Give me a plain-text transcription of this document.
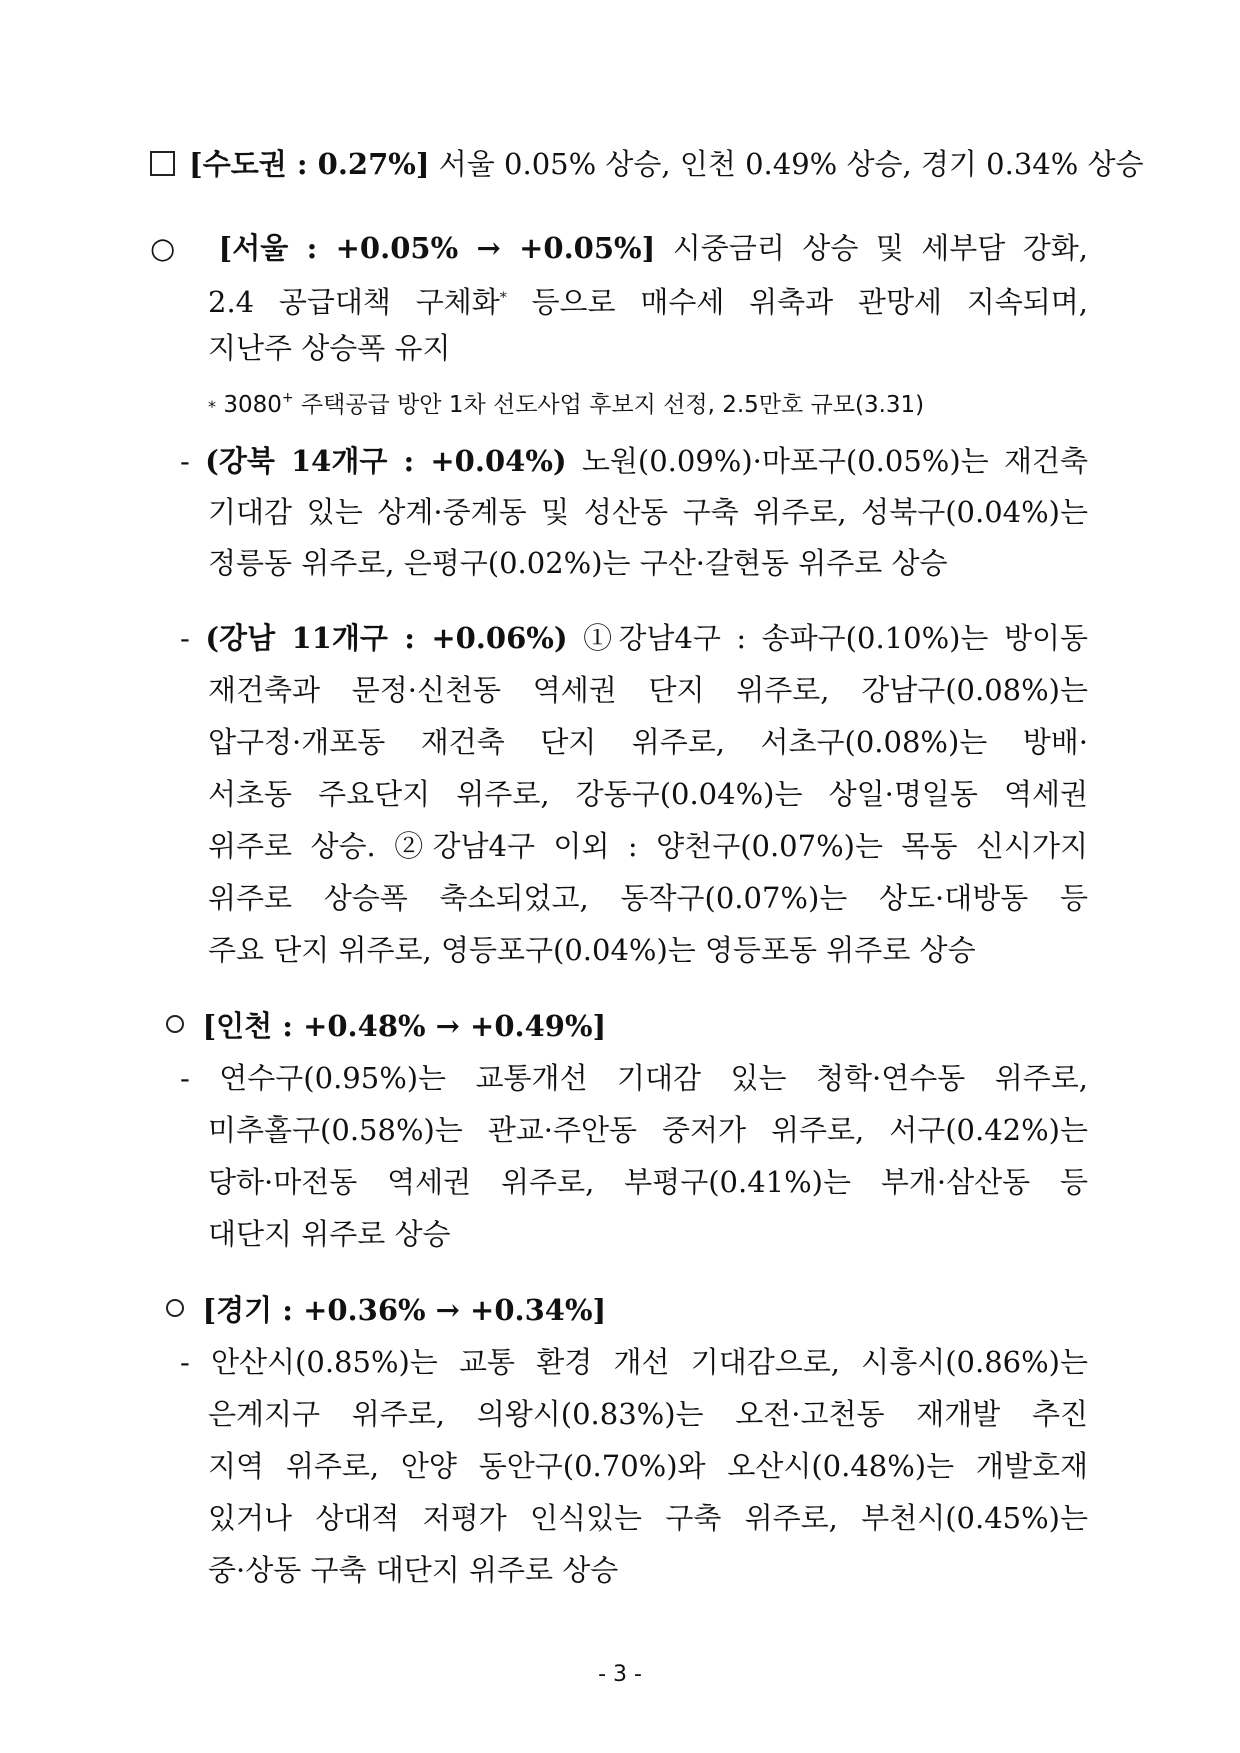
[수도권 : 0.27%] 서울 0.05% 상승, 인천 0.49% 상승, 경기 0.34% 상승
○ [서울 : +0.05% → +0.05%] 시중금리 상승 및 세부담 강화,
2.4 공급대책 구체화* 등으로 매수세 위축과 관망세 지속되며,
지난주 상승폭 유지
* 3080+ 주택공급 방안 1차 선도사업 후보지 선정, 2.5만호 규모(3.31)
- (강북 14개구 : +0.04%) 노원(0.09%)·마포구(0.05%)는 재건축
기대감 있는 상계·중계동 및 성산동 구축 위주로, 성북구(0.04%)는
정릉동 위주로, 은평구(0.02%)는 구산·갈현동 위주로 상승
- (강남 11개구 : +0.06%) ①강남4구 : 송파구(0.10%)는 방이동
재건축과 문정·신천동 역세권 단지 위주로, 강남구(0.08%)는
압구정·개포동 재건축 단지 위주로, 서초구(0.08%)는 방배·
서초동 주요단지 위주로, 강동구(0.04%)는 상일·명일동 역세권
위주로 상승. ②강남4구 이외 : 양천구(0.07%)는 목동 신시가지
위주로 상승폭 축소되었고, 동작구(0.07%)는 상도·대방동 등
주요 단지 위주로, 영등포구(0.04%)는 영등포동 위주로 상승
[인천 : +0.48% → +0.49%]
- 연수구(0.95%)는 교통개선 기대감 있는 청학·연수동 위주로,
미추홀구(0.58%)는 관교·주안동 중저가 위주로, 서구(0.42%)는
당하·마전동 역세권 위주로, 부평구(0.41%)는 부개·삼산동 등
대단지 위주로 상승
[경기 : +0.36% → +0.34%]
- 안산시(0.85%)는 교통 환경 개선 기대감으로, 시흥시(0.86%)는
은계지구 위주로, 의왕시(0.83%)는 오전·고천동 재개발 추진
지역 위주로, 안양 동안구(0.70%)와 오산시(0.48%)는 개발호재
있거나 상대적 저평가 인식있는 구축 위주로, 부천시(0.45%)는
중·상동 구축 대단지 위주로 상승
- 3 -
